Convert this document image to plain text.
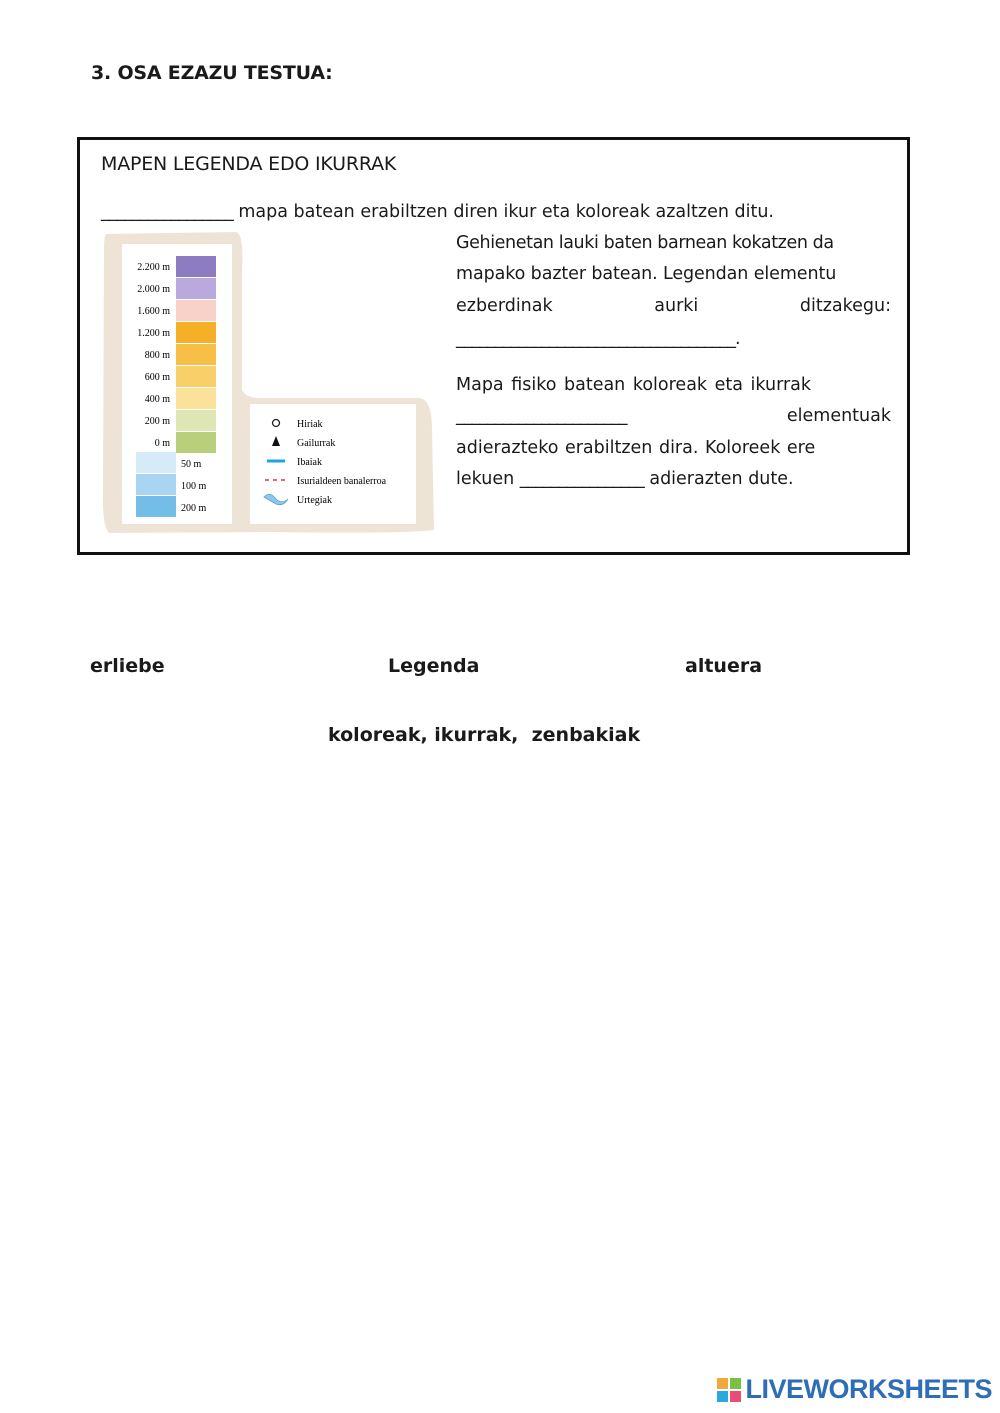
3. OSA EZAZU TESTUA:
MAPEN LEGENDA EDO IKURRAK
_________________ mapa batean erabiltzen diren ikur eta koloreak azaltzen ditu.
Gehienetan lauki baten barnean kokatzen da
mapako bazter batean. Legendan elementu
ezberdinak	aurki	ditzakegu:
____________________________________.
Mapa fisiko batean koloreak eta ikurrak
______________________	elementuak
adierazteko erabiltzen dira. Koloreek ere
lekuen ________________ adierazten dute.
2.200 m
2.000 m
1.600 m
1.200 m
800 m
600 m
400 m
200 m
0 m
50 m
100 m
200 m
Hiriak
Gailurrak
Ibaiak
Isurialdeen banalerroa
Urtegiak
erliebe	Legenda	altuera
koloreak, ikurrak,  zenbakiak
LIVEWORKSHEETS
